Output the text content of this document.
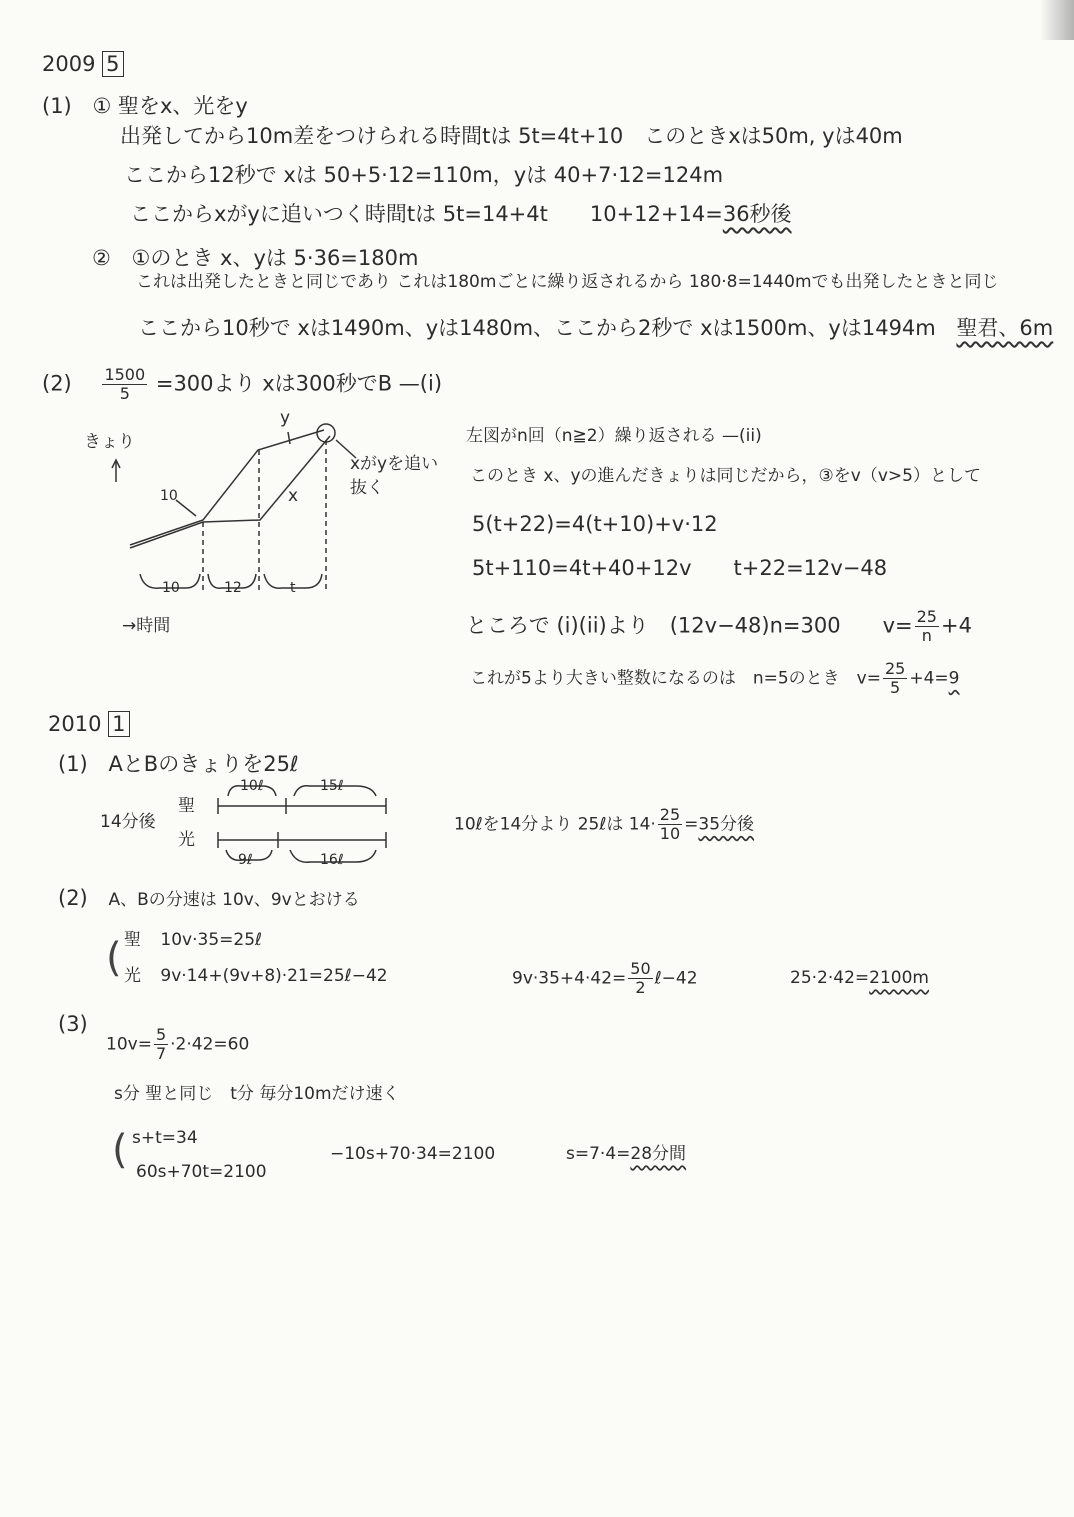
2009 5
(1) ① 聖をx、光をy
出発してから10m差をつけられる時間tは 5t=4t+10　このときxは50m, yは40m
ここから12秒で xは 50+5·12=110m，yは 40+7·12=124m
ここからxがyに追いつく時間tは 5t=14+4t　　10+12+14=36秒後
② ①のとき x、yは 5·36=180m
これは出発したときと同じであり これは180mごとに繰り返されるから 180·8=1440mでも出発したときと同じ
ここから10秒で xは1490m、yは1480m、ここから2秒で xは1500m、yは1494m 聖君、6m
$(2) \frac{1500}{5} =300$より xは300秒でB —(i)
きょり
y
x
10
xがyを追い抜く
10	12	t
→時間
左図がn回（n≧2）繰り返される —(ii)
このとき x、yの進んだきょりは同じだから，③をv（v>5）として
5(t+22)=4(t+10)+v·12
5t+110=4t+40+12v　　t+22=12v−48
ところで (i)(ii)より　(12v−48)n=300　　$v= \frac{25}{n} +4$
これが5より大きい整数になるのは　n=5のとき　$v= \frac{25}{5} +4=9$
2010 1
(1) AとBのきょりを25ℓ
14分後
聖
光
10ℓ	15ℓ
9ℓ	16ℓ
10ℓを14分より 25ℓは $14\cdot \frac{25}{10} =35$分後
(2) A、Bの分速は 10v、9vとおける
( 聖 10v·35=25ℓ
光 9v·14+(9v+8)·21=25ℓ−42	$9v\cdot 35+4\cdot 42= \frac{50}{2}$ ℓ−42	25·2·42=2100m
(3)
$10v= \frac{5}{7} \cdot 2\cdot 42=60$
s分 聖と同じ　t分 毎分10mだけ速く
( s+t=34
60s+70t=2100
−10s+70·34=2100	s=7·4=28分間
